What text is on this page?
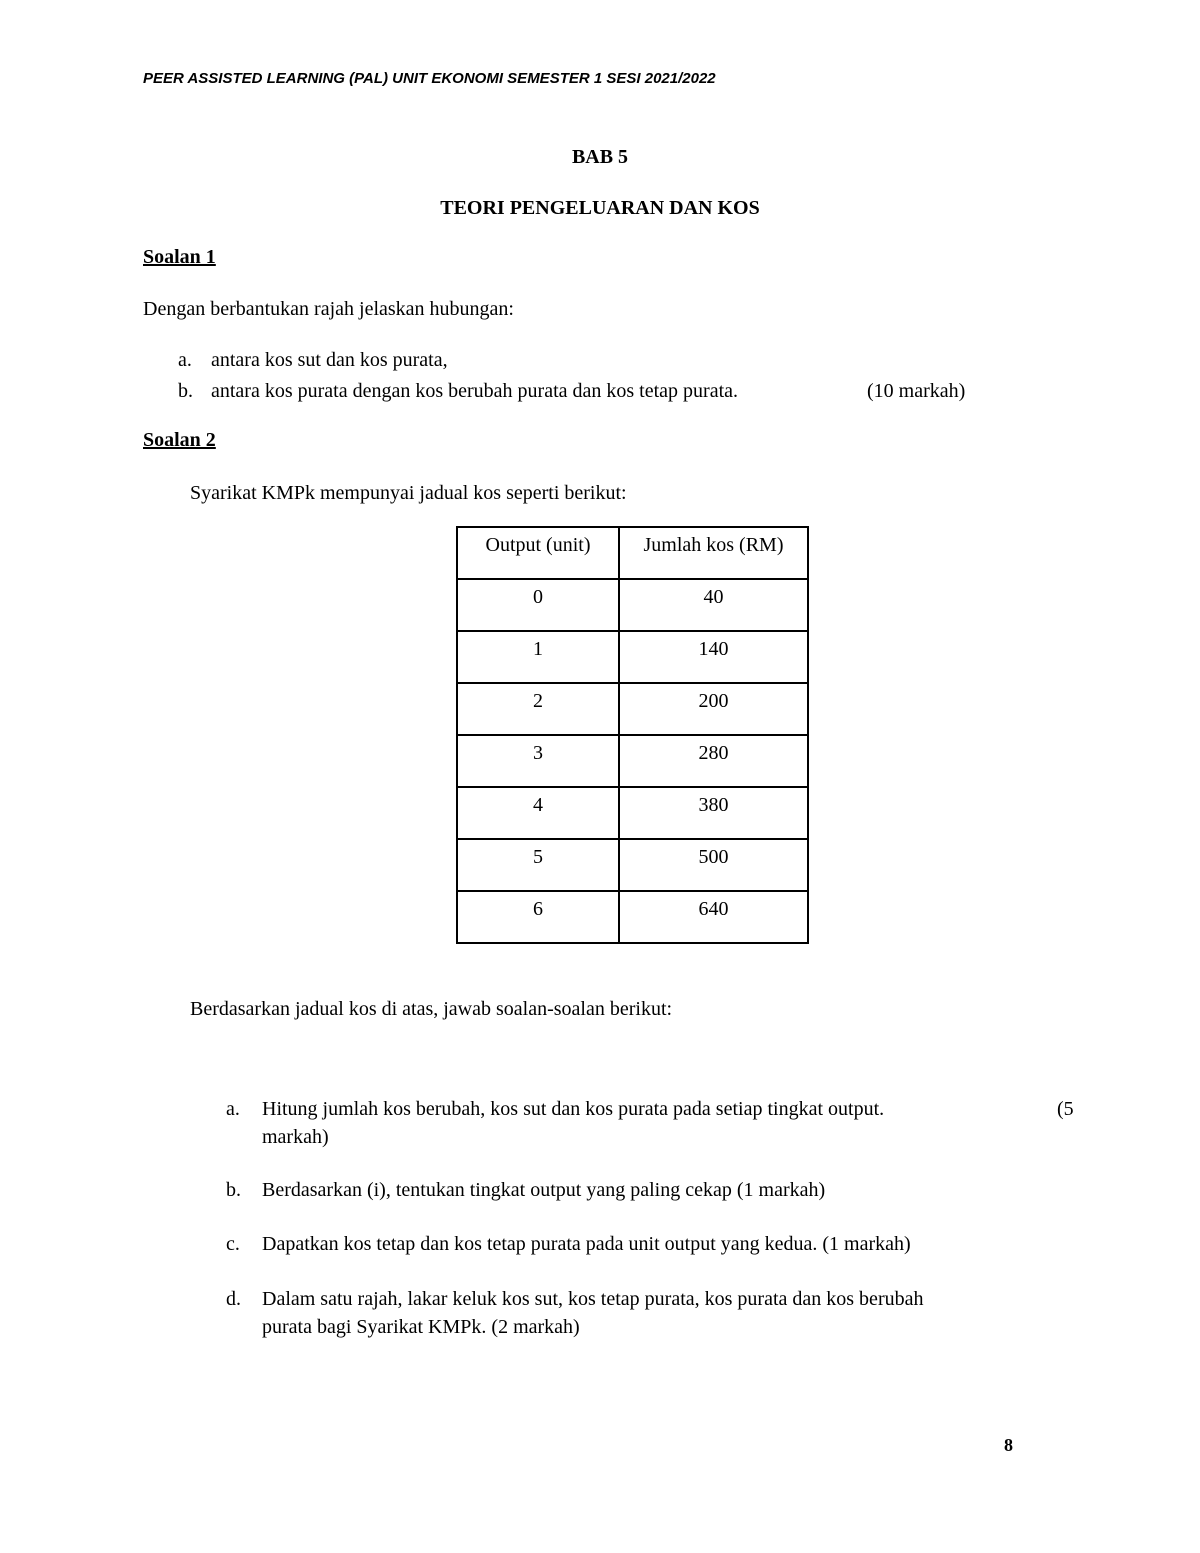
PEER ASSISTED LEARNING (PAL) UNIT EKONOMI SEMESTER 1 SESI 2021/2022
BAB 5
TEORI PENGELUARAN DAN KOS
Soalan 1
Dengan berbantukan rajah jelaskan hubungan:
a. antara kos sut dan kos purata,
b. antara kos purata dengan kos berubah purata dan kos tetap purata.	(10 markah)
Soalan 2
Syarikat KMPk mempunyai jadual kos seperti berikut:
Output (unit)	Jumlah kos (RM)
0	40
1	140
2	200
3	280
4	380
5	500
6	640
Berdasarkan jadual kos di atas, jawab soalan-soalan berikut:
a. Hitung jumlah kos berubah, kos sut dan kos purata pada setiap tingkat output.	(5
markah)
b. Berdasarkan (i), tentukan tingkat output yang paling cekap (1 markah)
c. Dapatkan kos tetap dan kos tetap purata pada unit output yang kedua. (1 markah)
d. Dalam satu rajah, lakar keluk kos sut, kos tetap purata, kos purata dan kos berubah
purata bagi Syarikat KMPk. (2 markah)
8
